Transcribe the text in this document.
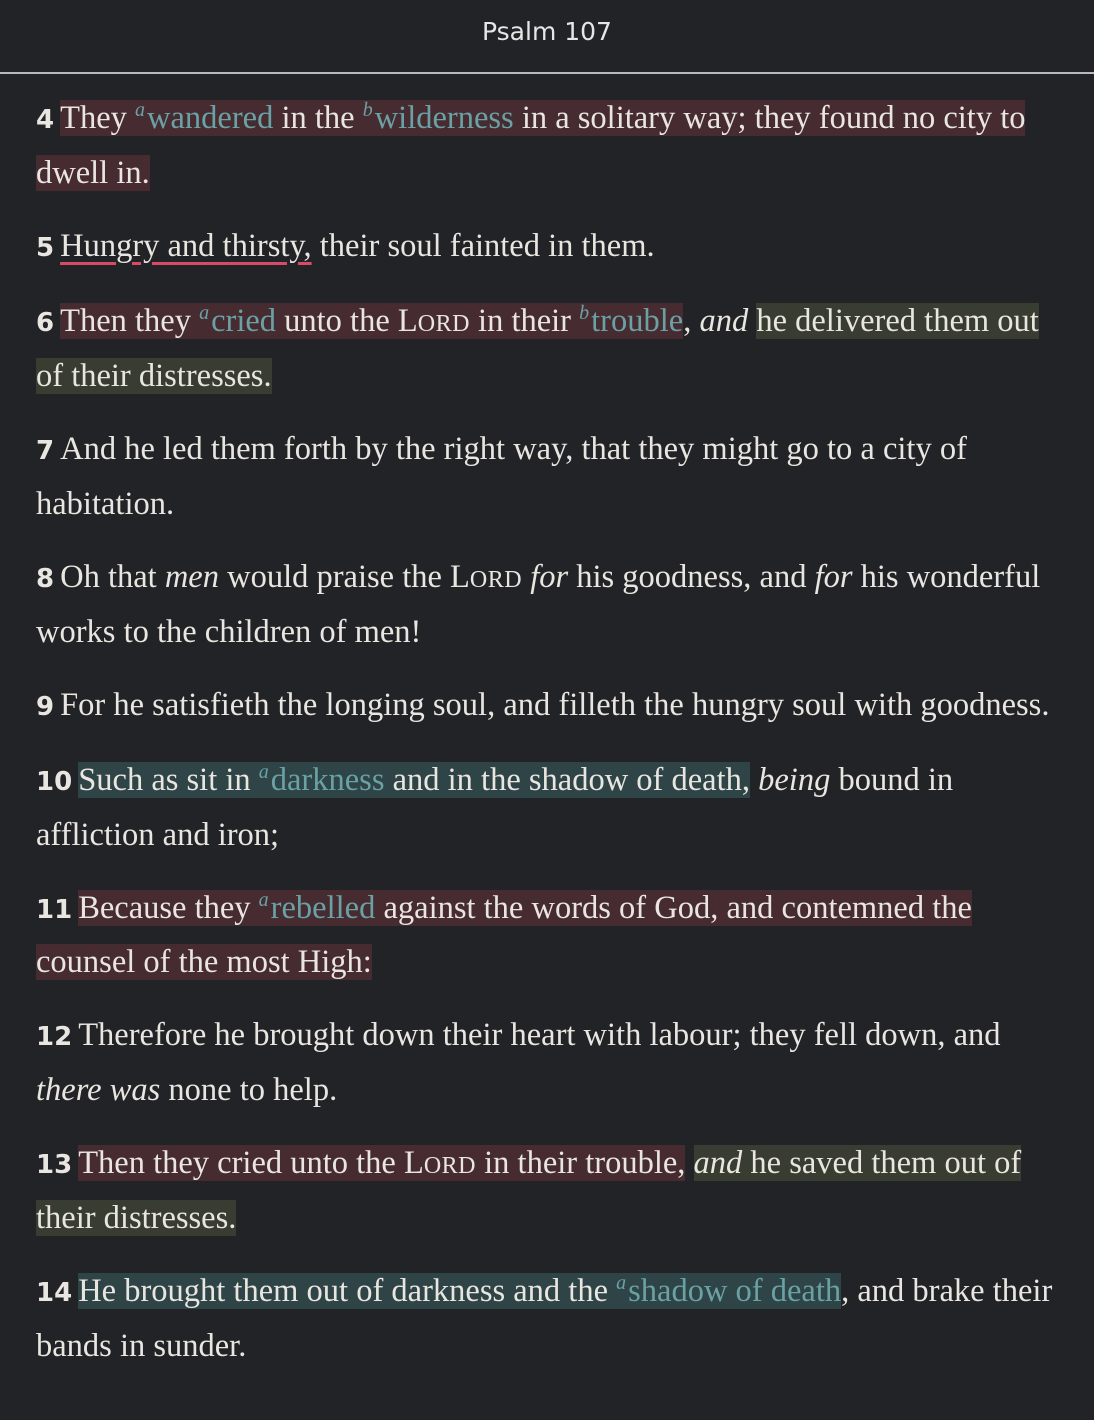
Psalm 107

4 They $^a$wandered in the $^b$wilderness in a solitary way; they found no city to dwell in.

5 Hungry and thirsty, their soul fainted in them.

6 Then they $^a$cried unto the LORD in their $^b$trouble, and he delivered them out of their distresses.

7 And he led them forth by the right way, that they might go to a city of habitation.

8 Oh that men would praise the LORD for his goodness, and for his wonderful works to the children of men!

9 For he satisfieth the longing soul, and filleth the hungry soul with goodness.

10 Such as sit in $^a$darkness and in the shadow of death, being bound in affliction and iron;

11 Because they $^a$rebelled against the words of God, and contemned the counsel of the most High:

12 Therefore he brought down their heart with labour; they fell down, and there was none to help.

13 Then they cried unto the LORD in their trouble, and he saved them out of their distresses.

14 He brought them out of darkness and the $^a$shadow of death, and brake their bands in sunder.
